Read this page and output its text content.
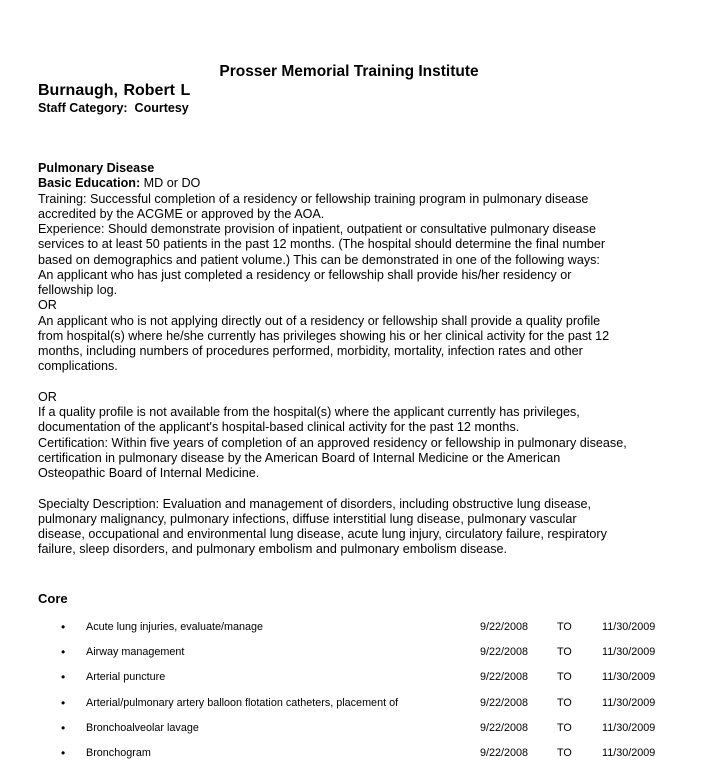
Prosser Memorial Training Institute
Burnaugh, Robert L
Staff Category: Courtesy
Pulmonary Disease
Basic Education: MD or DO
Training: Successful completion of a residency or fellowship training program in pulmonary disease
accredited by the ACGME or approved by the AOA.
Experience: Should demonstrate provision of inpatient, outpatient or consultative pulmonary disease
services to at least 50 patients in the past 12 months. (The hospital should determine the final number
based on demographics and patient volume.) This can be demonstrated in one of the following ways:
An applicant who has just completed a residency or fellowship shall provide his/her residency or
fellowship log.
OR
An applicant who is not applying directly out of a residency or fellowship shall provide a quality profile
from hospital(s) where he/she currently has privileges showing his or her clinical activity for the past 12
months, including numbers of procedures performed, morbidity, mortality, infection rates and other
complications.
OR
If a quality profile is not available from the hospital(s) where the applicant currently has privileges,
documentation of the applicant's hospital-based clinical activity for the past 12 months.
Certification: Within five years of completion of an approved residency or fellowship in pulmonary disease,
certification in pulmonary disease by the American Board of Internal Medicine or the American
Osteopathic Board of Internal Medicine.
Specialty Description: Evaluation and management of disorders, including obstructive lung disease,
pulmonary malignancy, pulmonary infections, diffuse interstitial lung disease, pulmonary vascular
disease, occupational and environmental lung disease, acute lung injury, circulatory failure, respiratory
failure, sleep disorders, and pulmonary embolism and pulmonary embolism disease.
Core
• Acute lung injuries, evaluate/manage	9/22/2008	TO	11/30/2009
• Airway management	9/22/2008	TO	11/30/2009
• Arterial puncture	9/22/2008	TO	11/30/2009
• Arterial/pulmonary artery balloon flotation catheters, placement of	9/22/2008	TO	11/30/2009
• Bronchoalveolar lavage	9/22/2008	TO	11/30/2009
• Bronchogram	9/22/2008	TO	11/30/2009
